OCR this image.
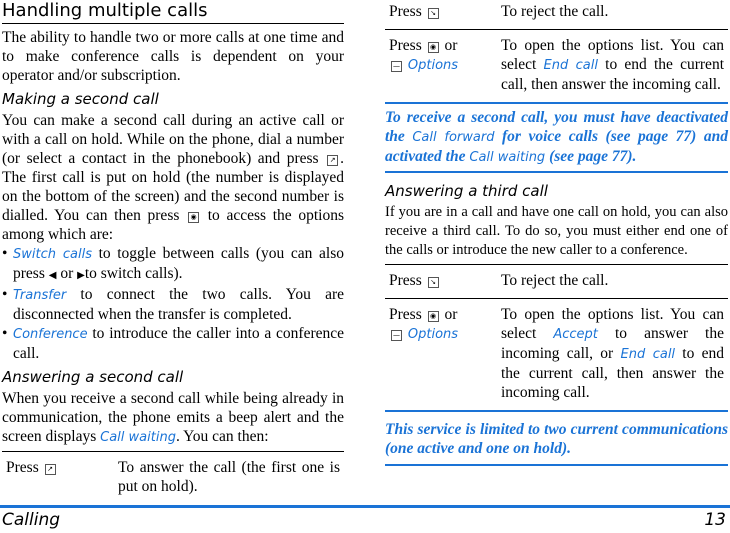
Handling multiple calls

The ability to handle two or more calls at one time and to make conference calls is dependent on your operator and/or subscription.

Making a second call

You can make a second call during an active call or with a call on hold. While on the phone, dial a number (or select a contact in the phonebook) and press ↗ . The first call is put on hold (the number is displayed on the bottom of the screen) and the second number is dialled. You can then press ◉ to access the options among which are:

• Switch calls to toggle between calls (you can also press ◀ or ▶to switch calls).
• Transfer to connect the two calls. You are disconnected when the transfer is completed.
• Conference to introduce the caller into a conference call.
Answering a second call

When you receive a second call while being already in communication, the phone emits a beep alert and the screen displays Call waiting. You can then:

Press ↗	To answer the call (the first one is put on hold).
Press ↘	To reject the call.
Press ◉ or
— Options	To open the options list. You can select End call to end the current call, then answer the incoming call.

To receive a second call, you must have deactivated the Call forward for voice calls (see page 77) and activated the Call waiting (see page 77).

Answering a third call

If you are in a call and have one call on hold, you can also receive a third call. To do so, you must either end one of the calls or introduce the new caller to a conference.

Press ↘	To reject the call.
Press ◉ or
— Options	To open the options list. You can select Accept to answer the incoming call, or End call to end the current call, then answer the incoming call.

This service is limited to two current communications (one active and one on hold).

Calling	13
